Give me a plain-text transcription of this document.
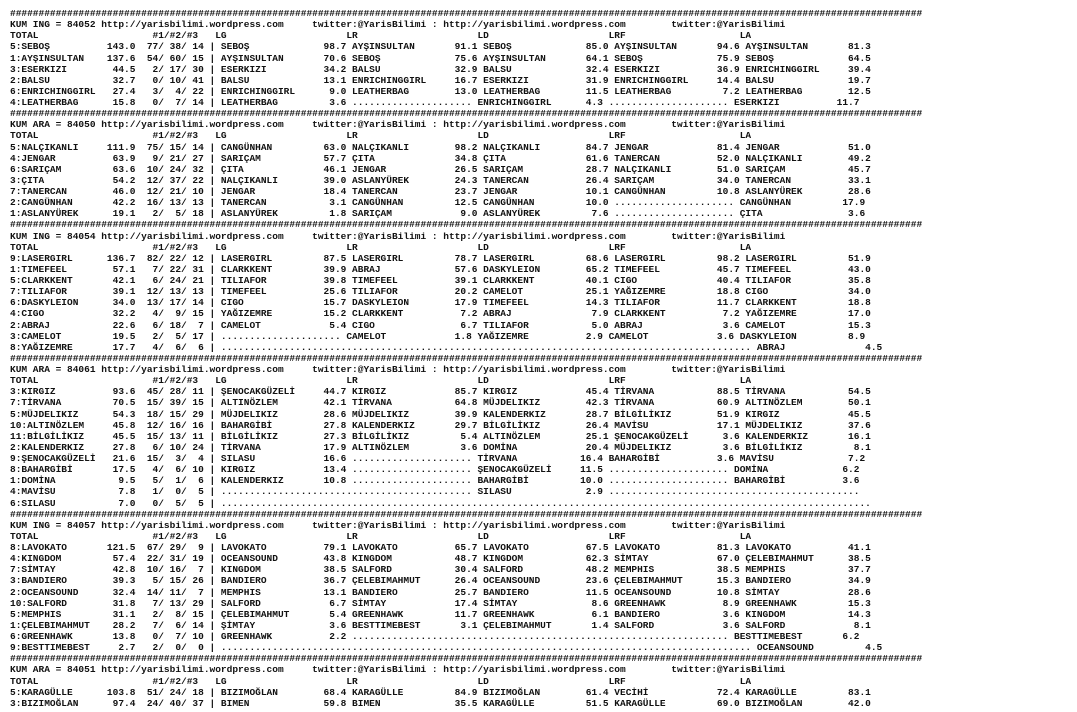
################################################################################################################################################################
KUM ING = 84052 http://yarisbilimi.wordpress.com     twitter:@YarisBilimi : http://yarisbilimi.wordpress.com        twitter:@YarisBilimi
TOTAL                    #1/#2/#3   LG                     LR                     LD                     LRF                    LA
5:SEBOŞ          143.0  77/ 38/ 14 | SEBOŞ             98.7 AYŞINSULTAN       91.1 SEBOŞ             85.0 AYŞINSULTAN       94.6 AYŞINSULTAN       81.3
1:AYŞINSULTAN    137.6  54/ 60/ 15 | AYŞINSULTAN       70.6 SEBOŞ             75.6 AYŞINSULTAN       64.1 SEBOŞ             75.9 SEBOŞ             64.5
3:ESERKIZI        44.5   2/ 17/ 30 | ESERKIZI          34.2 BALSU             32.9 BALSU             32.4 ESERKIZI          36.9 ENRICHINGGIRL     39.4
2:BALSU           32.7   0/ 10/ 41 | BALSU             13.1 ENRICHINGGIRL     16.7 ESERKIZI          31.9 ENRICHINGGIRL     14.4 BALSU             19.7
6:ENRICHINGGIRL   27.4   3/  4/ 22 | ENRICHINGGIRL      9.0 LEATHERBAG        13.0 LEATHERBAG        11.5 LEATHERBAG         7.2 LEATHERBAG        12.5
4:LEATHERBAG      15.8   0/  7/ 14 | LEATHERBAG         3.6 ..................... ENRICHINGGIRL      4.3 ..................... ESERKIZI          11.7
################################################################################################################################################################
KUM ARA = 84050 http://yarisbilimi.wordpress.com     twitter:@YarisBilimi : http://yarisbilimi.wordpress.com        twitter:@YarisBilimi
TOTAL                    #1/#2/#3   LG                     LR                     LD                     LRF                    LA
5:NALÇIKANLI     111.9  75/ 15/ 14 | CANGÜNHAN         63.0 NALÇIKANLI        98.2 NALÇIKANLI        84.7 JENGAR            81.4 JENGAR            51.0
4:JENGAR          63.9   9/ 21/ 27 | SARIÇAM           57.7 ÇITA              34.8 ÇITA              61.6 TANERCAN          52.0 NALÇIKANLI        49.2
6:SARIÇAM         63.6  10/ 24/ 32 | ÇITA              46.1 JENGAR            26.5 SARIÇAM           28.7 NALÇIKANLI        51.0 SARIÇAM           45.7
3:ÇITA            54.2  12/ 37/ 22 | NALÇIKANLI        39.0 ASLANYÜREK        24.3 TANERCAN          26.4 SARIÇAM           34.0 TANERCAN          33.1
7:TANERCAN        46.0  12/ 21/ 10 | JENGAR            18.4 TANERCAN          23.7 JENGAR            10.1 CANGÜNHAN         10.8 ASLANYÜREK        28.6
2:CANGÜNHAN       42.2  16/ 13/ 13 | TANERCAN           3.1 CANGÜNHAN         12.5 CANGÜNHAN         10.0 ..................... CANGÜNHAN         17.9
1:ASLANYÜREK      19.1   2/  5/ 18 | ASLANYÜREK         1.8 SARIÇAM            9.0 ASLANYÜREK         7.6 ..................... ÇITA               3.6
################################################################################################################################################################
KUM ING = 84054 http://yarisbilimi.wordpress.com     twitter:@YarisBilimi : http://yarisbilimi.wordpress.com        twitter:@YarisBilimi
TOTAL                    #1/#2/#3   LG                     LR                     LD                     LRF                    LA
9:LASERGIRL      136.7  82/ 22/ 12 | LASERGIRL         87.5 LASERGIRL         78.7 LASERGIRL         68.6 LASERGIRL         98.2 LASERGIRL         51.9
1:TIMEFEEL        57.1   7/ 22/ 31 | CLARKKENT         39.9 ABRAJ             57.6 DASKYLEION        65.2 TIMEFEEL          45.7 TIMEFEEL          43.0
5:CLARKKENT       42.1   6/ 24/ 21 | TILIAFOR          39.8 TIMEFEEL          39.1 CLARKKENT         40.1 CIGO              40.4 TILIAFOR          35.8
7:TILIAFOR        39.1  12/ 13/ 13 | TIMEFEEL          25.6 TILIAFOR          20.2 CAMELOT           25.1 YAĞIZEMRE         18.8 CIGO              34.0
6:DASKYLEION      34.0  13/ 17/ 14 | CIGO              15.7 DASKYLEION        17.9 TIMEFEEL          14.3 TILIAFOR          11.7 CLARKKENT         18.8
4:CIGO            32.2   4/  9/ 15 | YAĞIZEMRE         15.2 CLARKKENT          7.2 ABRAJ              7.9 CLARKKENT          7.2 YAĞIZEMRE         17.0
2:ABRAJ           22.6   6/ 18/  7 | CAMELOT            5.4 CIGO               6.7 TILIAFOR           5.0 ABRAJ              3.6 CAMELOT           15.3
3:CAMELOT         19.5   2/  5/ 17 | ..................... CAMELOT            1.8 YAĞIZEMRE          2.9 CAMELOT            3.6 DASKYLEION         8.9
8:YAĞIZEMRE       17.7   4/  6/  6 | ............................................................................................. ABRAJ              4.5
################################################################################################################################################################
KUM ARA = 84061 http://yarisbilimi.wordpress.com     twitter:@YarisBilimi : http://yarisbilimi.wordpress.com        twitter:@YarisBilimi
TOTAL                    #1/#2/#3   LG                     LR                     LD                     LRF                    LA
3:KIRGIZ          93.6  45/ 28/ 11 | ŞENOCAKGÜZELİ     44.7 KIRGIZ            85.7 KIRGIZ            45.4 TİRVANA           88.5 TİRVANA           54.5
7:TİRVANA         70.5  15/ 39/ 15 | ALTINÖZLEM        42.1 TİRVANA           64.8 MÜJDELIKIZ        42.3 TİRVANA           60.9 ALTINÖZLEM        50.1
5:MÜJDELIKIZ      54.3  18/ 15/ 29 | MÜJDELIKIZ        28.6 MÜJDELIKIZ        39.9 KALENDERKIZ       28.7 BİLGİLİKIZ        51.9 KIRGIZ            45.5
10:ALTINÖZLEM     45.8  12/ 16/ 16 | BAHARGİBİ         27.8 KALENDERKIZ       29.7 BİLGİLİKIZ        26.4 MAVİSU            17.1 MÜJDELIKIZ        37.6
11:BİLGİLİKIZ     45.5  15/ 13/ 11 | BİLGİLİKIZ        27.3 BİLGİLİKIZ         5.4 ALTINÖZLEM        25.1 ŞENOCAKGÜZELİ      3.6 KALENDERKIZ       16.1
2:KALENDERKIZ     27.8   6/ 10/ 24 | TİRVANA           17.9 ALTINÖZLEM         3.6 DOMİNA            20.4 MÜJDELIKIZ         3.6 BİLGİLİKIZ         8.1
9:ŞENOCAKGÜZELİ   21.6  15/  3/  4 | SILASU            16.6 ..................... TİRVANA           16.4 BAHARGİBİ          3.6 MAVİSU             7.2
8:BAHARGİBİ       17.5   4/  6/ 10 | KIRGIZ            13.4 ..................... ŞENOCAKGÜZELİ     11.5 ..................... DOMİNA             6.2
1:DOMİNA           9.5   5/  1/  6 | KALENDERKIZ       10.8 ..................... BAHARGİBİ         10.0 ..................... BAHARGİBİ          3.6
4:MAVİSU           7.8   1/  0/  5 | ............................................ SILASU             2.9 ............................................
6:SILASU           7.0   0/  5/  5 | ..................................................................................................................
################################################################################################################################################################
KUM ING = 84057 http://yarisbilimi.wordpress.com     twitter:@YarisBilimi : http://yarisbilimi.wordpress.com        twitter:@YarisBilimi
TOTAL                    #1/#2/#3   LG                     LR                     LD                     LRF                    LA
8:LAVOKATO       121.5  67/ 29/  9 | LAVOKATO          79.1 LAVOKATO          65.7 LAVOKATO          67.5 LAVOKATO          81.3 LAVOKATO          41.1
4:KINGDOM         57.4  22/ 31/ 19 | OCEANSOUND        43.8 KINGDOM           48.7 KINGDOM           62.3 SİMTAY            67.0 ÇELEBIMAHMUT      38.5
7:SİMTAY          42.8  10/ 16/  7 | KINGDOM           38.5 SALFORD           30.4 SALFORD           48.2 MEMPHIS           38.5 MEMPHIS           37.7
3:BANDIERO        39.3   5/ 15/ 26 | BANDIERO          36.7 ÇELEBIMAHMUT      26.4 OCEANSOUND        23.6 ÇELEBIMAHMUT      15.3 BANDIERO          34.9
2:OCEANSOUND      32.4  14/ 11/  7 | MEMPHIS           13.1 BANDIERO          25.7 BANDIERO          11.5 OCEANSOUND        10.8 SİMTAY            28.6
10:SALFORD        31.8   7/ 13/ 29 | SALFORD            6.7 SİMTAY            17.4 SİMTAY             8.6 GREENHAWK          8.9 GREENHAWK         15.3
5:MEMPHIS         31.1   2/  8/ 15 | ÇELEBIMAHMUT       5.4 GREENHAWK         11.7 GREENHAWK          6.1 BANDIERO           3.6 KINGDOM           14.3
1:ÇELEBIMAHMUT    28.2   7/  6/ 14 | ŞİMTAY             3.6 BESTTIMEBEST       3.1 ÇELEBIMAHMUT       1.4 SALFORD            3.6 SALFORD            8.1
6:GREENHAWK       13.8   0/  7/ 10 | GREENHAWK          2.2 .................................................................. BESTTIMEBEST       6.2
9:BESTTIMEBEST     2.7   2/  0/  0 | ............................................................................................. OCEANSOUND         4.5
################################################################################################################################################################
KUM ARA = 84051 http://yarisbilimi.wordpress.com     twitter:@YarisBilimi : http://yarisbilimi.wordpress.com        twitter:@YarisBilimi
TOTAL                    #1/#2/#3   LG                     LR                     LD                     LRF                    LA
5:KARAGÜLLE      103.8  51/ 24/ 18 | BIZIMOĞLAN        68.4 KARAGÜLLE         84.9 BIZIMOĞLAN        61.4 VECİHİ            72.4 KARAGÜLLE         83.1
3:BIZIMOĞLAN      97.4  24/ 40/ 37 | BIMEN             59.8 BIMEN             35.5 KARAGÜLLE         51.5 KARAGÜLLE         69.0 BIZIMOĞLAN        42.0
